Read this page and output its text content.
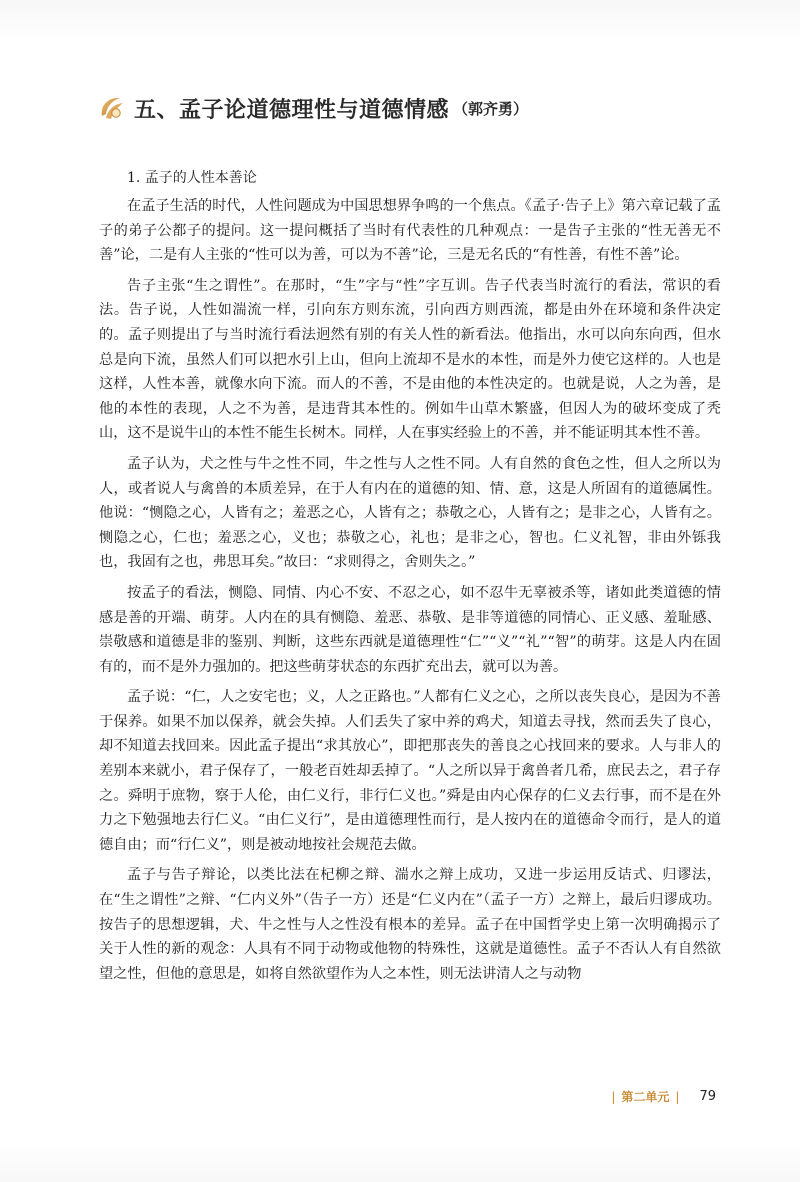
五、孟子论道德理性与道德情感 （郭齐勇）

1. 孟子的人性本善论

在孟子生活的时代，人性问题成为中国思想界争鸣的一个焦点。《孟子·告子上》第六章记载了孟子的弟子公都子的提问。这一提问概括了当时有代表性的几种观点：一是告子主张的“性无善无不善”论，二是有人主张的“性可以为善，可以为不善”论，三是无名氏的“有性善，有性不善”论。

告子主张“生之谓性”。在那时，“生”字与“性”字互训。告子代表当时流行的看法，常识的看法。告子说，人性如湍流一样，引向东方则东流，引向西方则西流，都是由外在环境和条件决定的。孟子则提出了与当时流行看法迥然有别的有关人性的新看法。他指出，水可以向东向西，但水总是向下流，虽然人们可以把水引上山，但向上流却不是水的本性，而是外力使它这样的。人也是这样，人性本善，就像水向下流。而人的不善，不是由他的本性决定的。也就是说，人之为善，是他的本性的表现，人之不为善，是违背其本性的。例如牛山草木繁盛，但因人为的破坏变成了秃山，这不是说牛山的本性不能生长树木。同样，人在事实经验上的不善，并不能证明其本性不善。

孟子认为，犬之性与牛之性不同，牛之性与人之性不同。人有自然的食色之性，但人之所以为人，或者说人与禽兽的本质差异，在于人有内在的道德的知、情、意，这是人所固有的道德属性。他说：“恻隐之心，人皆有之；羞恶之心，人皆有之；恭敬之心，人皆有之；是非之心，人皆有之。恻隐之心，仁也；羞恶之心，义也；恭敬之心，礼也；是非之心，智也。仁义礼智，非由外铄我也，我固有之也，弗思耳矣。”故曰：“求则得之，舍则失之。”

按孟子的看法，恻隐、同情、内心不安、不忍之心，如不忍牛无辜被杀等，诸如此类道德的情感是善的开端、萌芽。人内在的具有恻隐、羞恶、恭敬、是非等道德的同情心、正义感、羞耻感、崇敬感和道德是非的鉴别、判断，这些东西就是道德理性“仁”“义”“礼”“智”的萌芽。这是人内在固有的，而不是外力强加的。把这些萌芽状态的东西扩充出去，就可以为善。

孟子说：“仁，人之安宅也；义，人之正路也。”人都有仁义之心，之所以丧失良心，是因为不善于保养。如果不加以保养，就会失掉。人们丢失了家中养的鸡犬，知道去寻找，然而丢失了良心，却不知道去找回来。因此孟子提出“求其放心”，即把那丧失的善良之心找回来的要求。人与非人的差别本来就小，君子保存了，一般老百姓却丢掉了。“人之所以异于禽兽者几希，庶民去之，君子存之。舜明于庶物，察于人伦，由仁义行，非行仁义也。”舜是由内心保存的仁义去行事，而不是在外力之下勉强地去行仁义。“由仁义行”，是由道德理性而行，是人按内在的道德命令而行，是人的道德自由；而“行仁义”，则是被动地按社会规范去做。

孟子与告子辩论，以类比法在杞柳之辩、湍水之辩上成功，又进一步运用反诘式、归谬法，在“生之谓性”之辩、“仁内义外”（告子一方）还是“仁义内在”（孟子一方）之辩上，最后归谬成功。按告子的思想逻辑，犬、牛之性与人之性没有根本的差异。孟子在中国哲学史上第一次明确揭示了关于人性的新的观念：人具有不同于动物或他物的特殊性，这就是道德性。孟子不否认人有自然欲望之性，但他的意思是，如将自然欲望作为人之本性，则无法讲清人之与动物

| 第二单元 | 79
